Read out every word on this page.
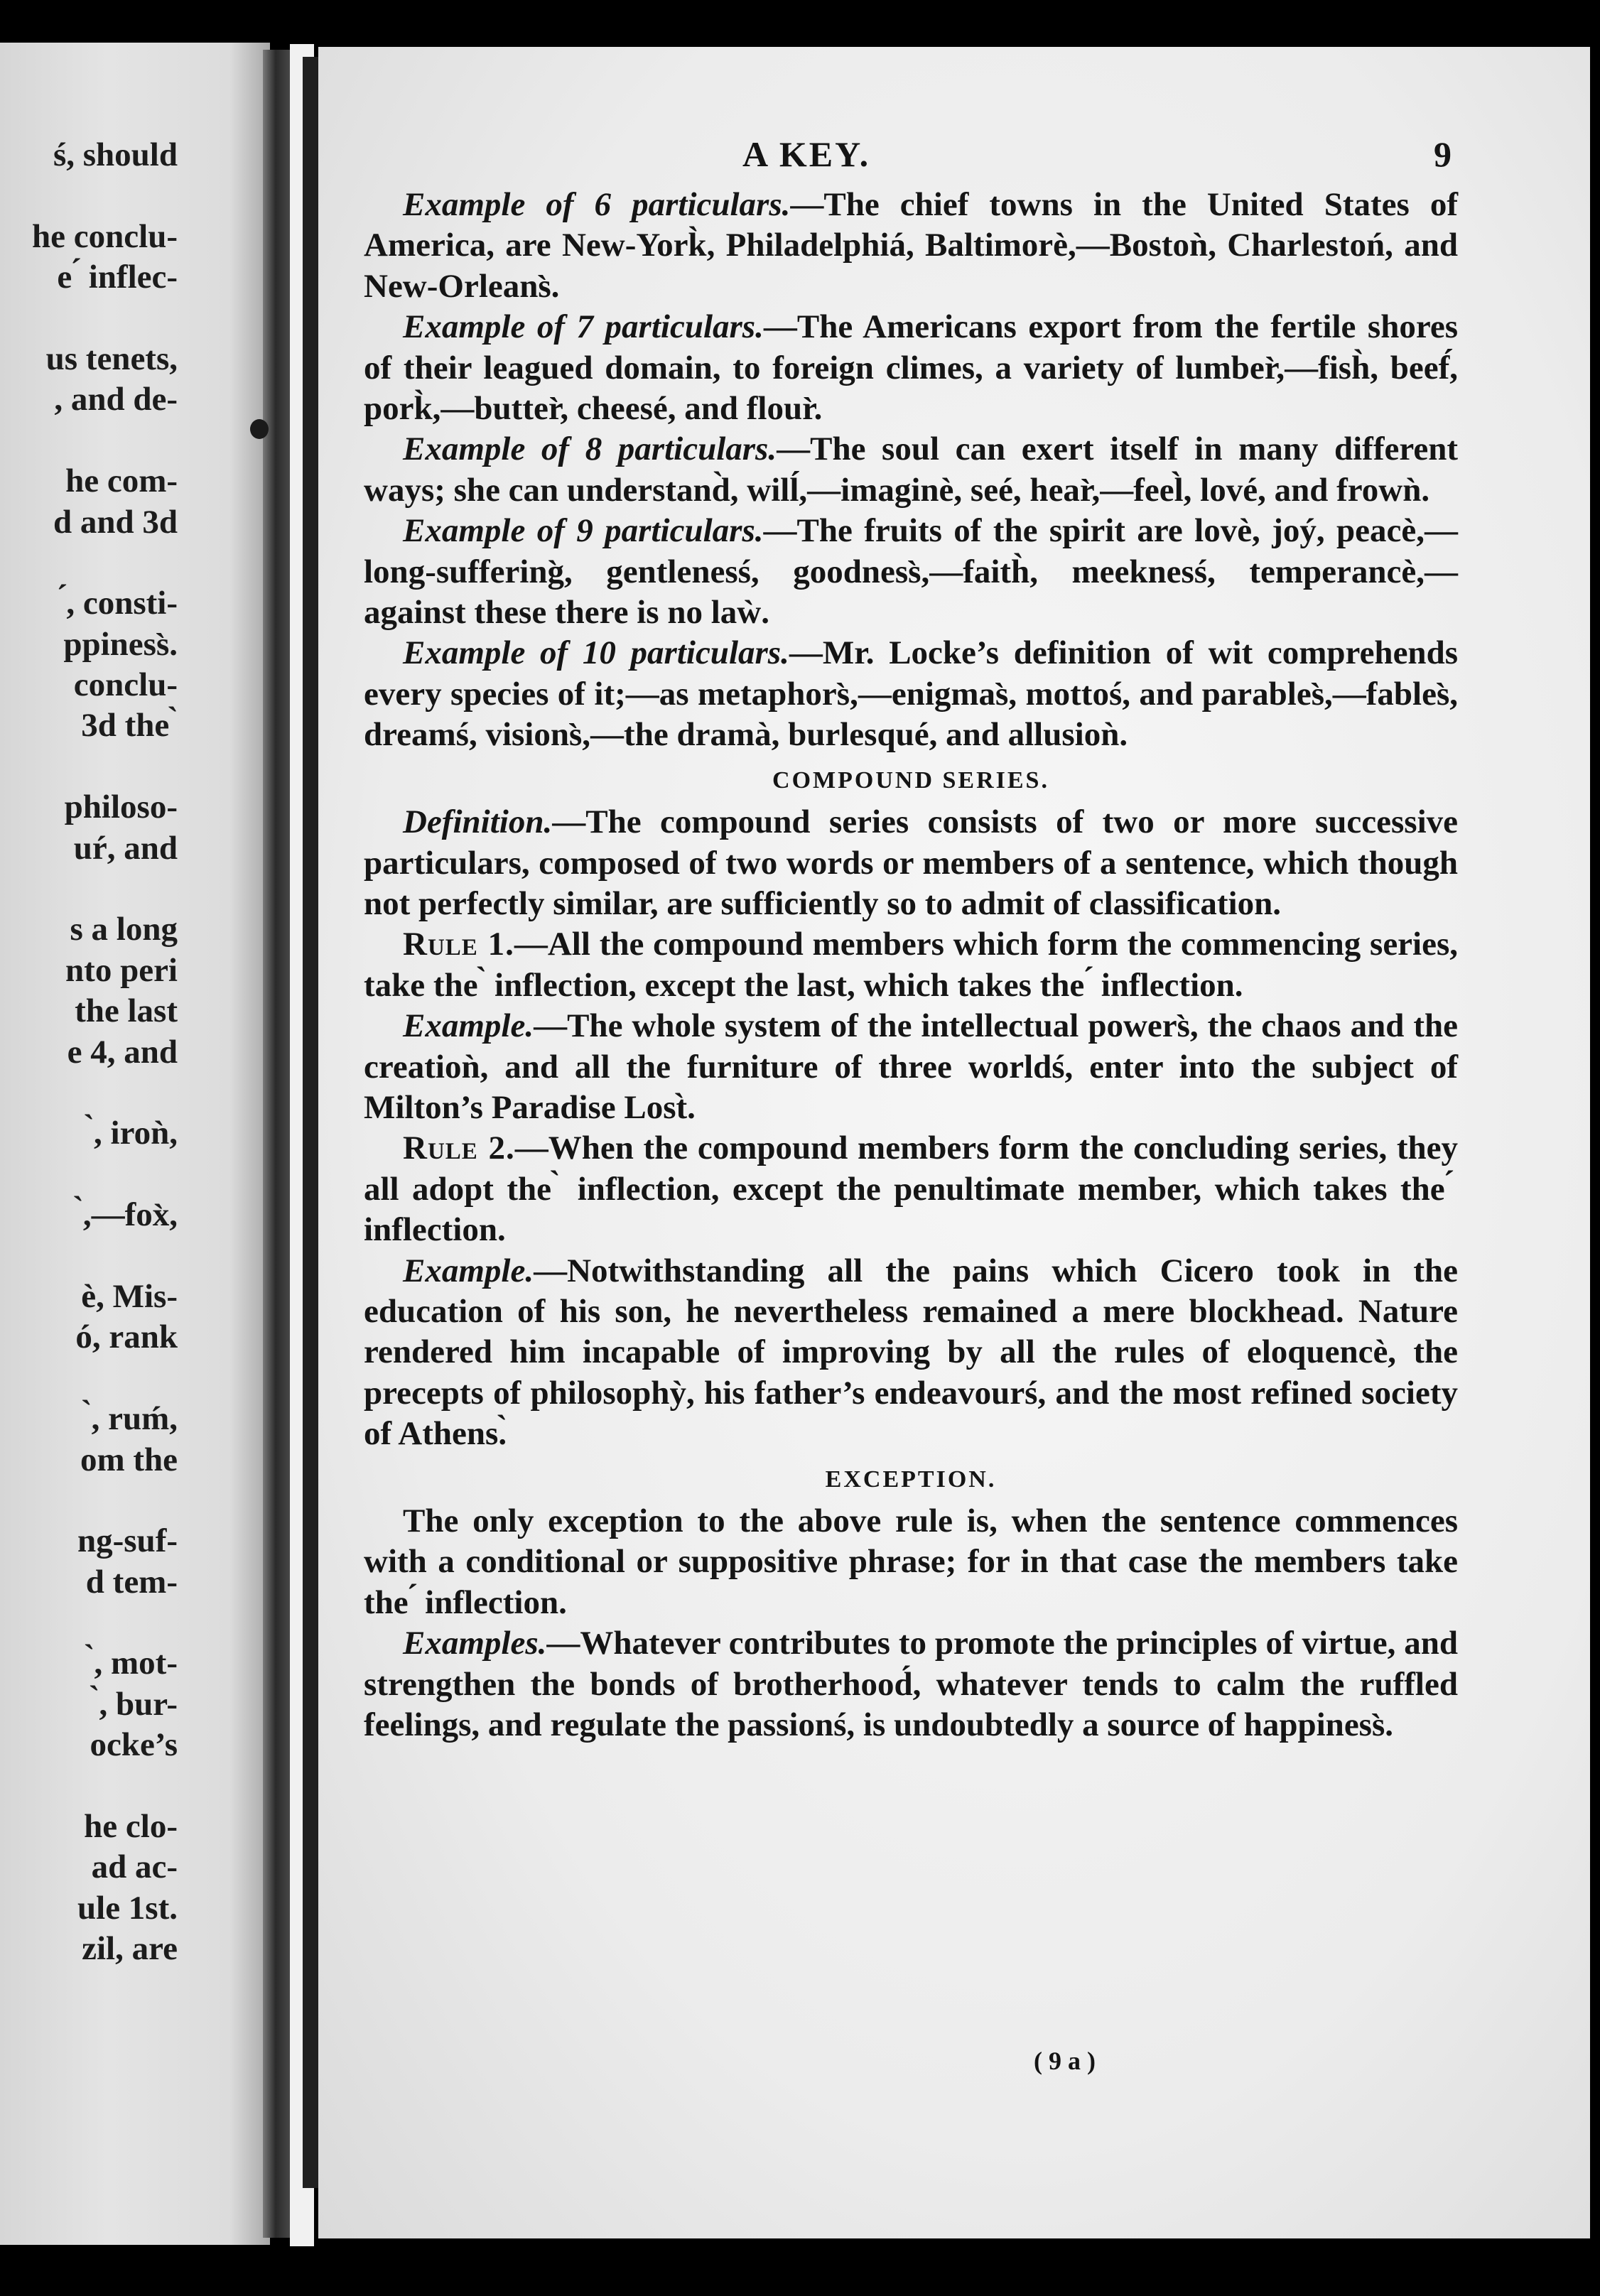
ś, should
he conclu-
e ́ inflec-
us tenets,
, and de-
he com-
d and 3d
́, consti-
ppiness̀.
conclu-
3d the ̀
philoso-
uŕ, and
s a long
nto peri
the last
e 4, and
̀, iroǹ,
̀,—fox̀,
è, Mis-
ó, rank
̀, ruḿ,
om the
ng-suf-
d tem-
̀, mot-
̀, bur-
ocke’s
he clo-
ad ac-
ule 1st.
zil, are
A KEY.	9

Example of 6 particulars.—The chief towns in the United States of America, are New-York̀, Philadelphiá, Baltimorè,—Bostoǹ, Charlestoń, and New-Orleans̀.

Example of 7 particulars.—The Americans export from the fertile shores of their leagued domain, to foreign climes, a variety of lumber̀,—fish̀, beef́, pork̀,—butter̀, cheesé, and flour̀.

Example of 8 particulars.—The soul can exert itself in many different ways; she can understand̀, wilĺ,—imaginè, seé, hear̀,—feel̀, lové, and frowǹ.

Example of 9 particulars.—The fruits of the spirit are lovè, joý, peacè,—long-suffering̀, gentlenesś, goodness̀,—faith̀, meeknesś, temperancè,—against these there is no laẁ.

Example of 10 particulars.—Mr. Locke’s definition of wit comprehends every species of it;—as metaphors̀,—enigmas̀, mottoś, and parables̀,—fables̀, dreamś, visions̀,—the dramà, burlesqué, and allusioǹ.

COMPOUND SERIES.

Definition.—The compound series consists of two or more successive particulars, composed of two words or members of a sentence, which though not perfectly similar, are sufficiently so to admit of classification.

Rule 1.—All the compound members which form the commencing series, take the ̀ inflection, except the last, which takes the ́ inflection.

Example.—The whole system of the intellectual powers̀, the chaos and the creatioǹ, and all the furniture of three worldś, enter into the subject of Milton’s Paradise Lost̀.

Rule 2.—When the compound members form the concluding series, they all adopt the ̀ inflection, except the penultimate member, which takes the ́ inflection.

Example.—Notwithstanding all the pains which Cicero took in the education of his son, he nevertheless remained a mere blockhead. Nature rendered him incapable of improving by all the rules of eloquencè, the precepts of philosophỳ, his father’s endeavourś, and the most refined society of Athens.̀

EXCEPTION.

The only exception to the above rule is, when the sentence commences with a conditional or suppositive phrase; for in that case the members take the ́ inflection.

Examples.—Whatever contributes to promote the principles of virtue, and strengthen the bonds of brotherhood́, whatever tends to calm the ruffled feelings, and regulate the passionś, is undoubtedly a source of happiness̀.

( 9 a )
